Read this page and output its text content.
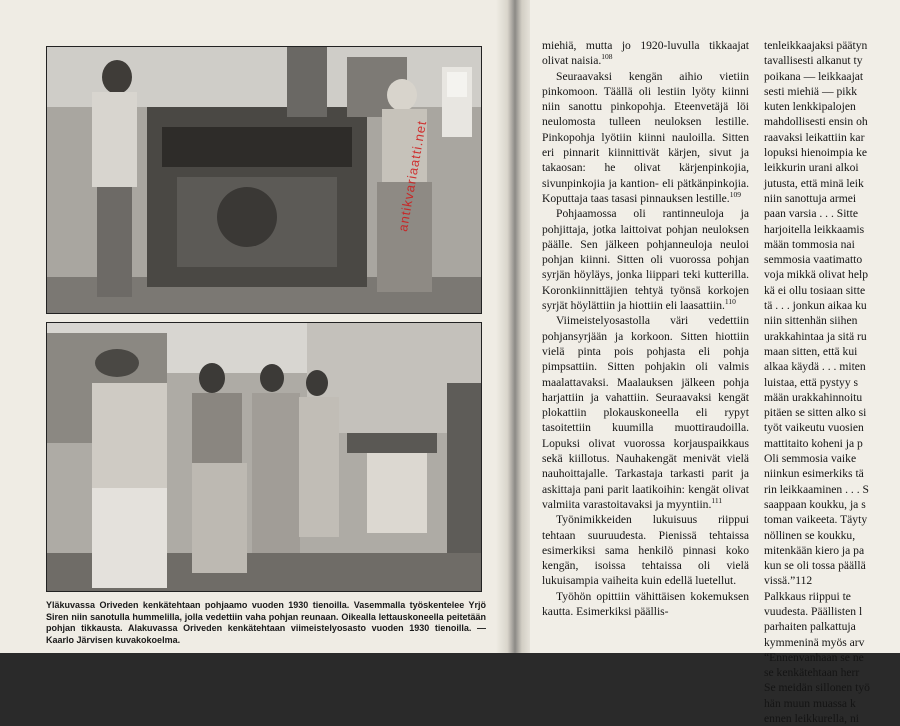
antikvariaatti.net
Yläkuvassa Oriveden kenkätehtaan pohjaamo vuoden 1930 tienoilla. Vasemmalla työskentelee Yrjö Siren niin sanotulla hummelilla, jolla vedettiin vaha pohjan reunaan. Oikealla lettauskoneella peitetään pohjan tikkausta. Alakuvassa Oriveden kenkätehtaan viimeistelyosasto vuoden 1930 tienoilla. — Kaarlo Järvisen kuvakokoelma.

miehiä, mutta jo 1920-luvulla tikkaajat olivat naisia.$^{108}$

Seuraavaksi kengän aihio vietiin pinkomoon. Täällä oli lestiin lyöty kiinni niin sanottu pinkopohja. Eteenvetäjä löi neulomosta tulleen neuloksen lestille. Pinkopohja lyötiin kiinni nauloilla. Sitten eri pinnarit kiinnittivät kärjen, sivut ja takaosan: he olivat kärjenpinkojia, sivunpinkojia ja kantion- eli pätkänpinkojia. Koputtaja taas tasasi pinnauksen lestille.$^{109}$

Pohjaamossa oli rantinneuloja ja pohjittaja, jotka laittoivat pohjan neuloksen päälle. Sen jälkeen pohjanneuloja neuloi pohjan kiinni. Sitten oli vuorossa pohjan syrjän höyläys, jonka liippari teki kutterilla. Koronkiinnittäjien tehtyä työnsä korkojen syrjät höylättiin ja hiottiin eli laasattiin.$^{110}$

Viimeistelyosastolla väri vedettiin pohjansyrjään ja korkoon. Sitten hiottiin vielä pinta pois pohjasta eli pohja pimpsattiin. Sitten pohjakin oli valmis maalattavaksi. Maalauksen jälkeen pohja harjattiin ja vahattiin. Seuraavaksi kengät plokattiin plokauskoneella eli rypyt tasoitettiin kuumilla muottiraudoilla. Lopuksi olivat vuorossa korjauspaikkaus sekä kiillotus. Nauhakengät menivät vielä nauhoittajalle. Tarkastaja tarkasti parit ja askittaja pani parit laatikoihin: kengät olivat valmiita varastoitavaksi ja myyntiin.$^{111}$

Työnimikkeiden lukuisuus riippui tehtaan suuruudesta. Pienissä tehtaissa esimerkiksi sama henkilö pinnasi koko kengän, isoissa tehtaissa oli vielä lukuisampia vaiheita kuin edellä luetellut.

Työhön opittiin vähittäisen kokemuksen kautta. Esimerkiksi päällis-

tenleikkaajaksi päätyn
tavallisesti alkanut ty
poikana — leikkaajat
sesti miehiä — pikk
kuten lenkkipalojen
mahdollisesti ensin oh
raavaksi leikattiin kar
lopuksi hienoimpia ke
leikkurin urani alkoi
jutusta, että minä leik
niin sanottuja armei
paan varsia . . . Sitte
harjoitella leikkaamis
mään tommosia nai
semmosia vaatimatto
voja mikkä olivat help
kä ei ollu tosiaan sitte
tä . . . jonkun aikaa ku
niin sittenhän siihen
urakkahintaa ja sitä ru
maan sitten, että kui
alkaa käydä . . . miten
luistaa, että pystyy s
mään urakkahinnoitu
pitäen se sitten alko si
työt vaikeutu vuosien
mattitaito koheni ja p
Oli semmosia vaike
niinkun esimerkiks tä
rin leikkaaminen . . . S
saappaan koukku, ja s
toman vaikeeta. Täyty
nöllinen se koukku,
mitenkään kiero ja pa
kun se oli tossa päällä
vissä.”112
Palkkaus riippui te
vuudesta. Päällisten l
parhaiten palkattuja
kymmeninä myös arv
“Ennenvanhaan se ne
se kenkätehtaan herr
Se meidän sillonen työ
hän muun muassa k
ennen leikkurella, ni
